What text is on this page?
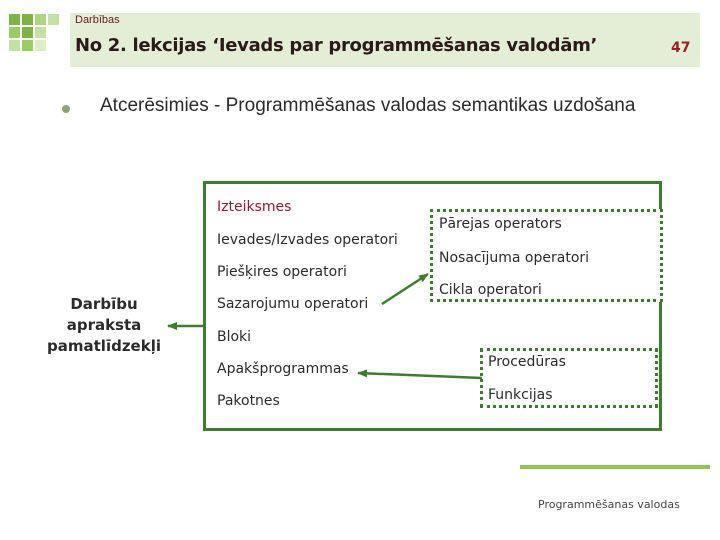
Darbības
No 2. lekcijas ‘Ievads par programmēšanas valodām’	47
Atcerēsimies - Programmēšanas valodas semantikas uzdošana
Darbību
apraksta
pamatlīdzekļi
Izteiksmes
Ievades/Izvades operatori
Piešķires operatori
Sazarojumu operatori
Bloki
Apakšprogrammas
Pakotnes
Pārejas operators
Nosacījuma operatori
Cikla operatori
Procedūras
Funkcijas
Programmēšanas valodas
